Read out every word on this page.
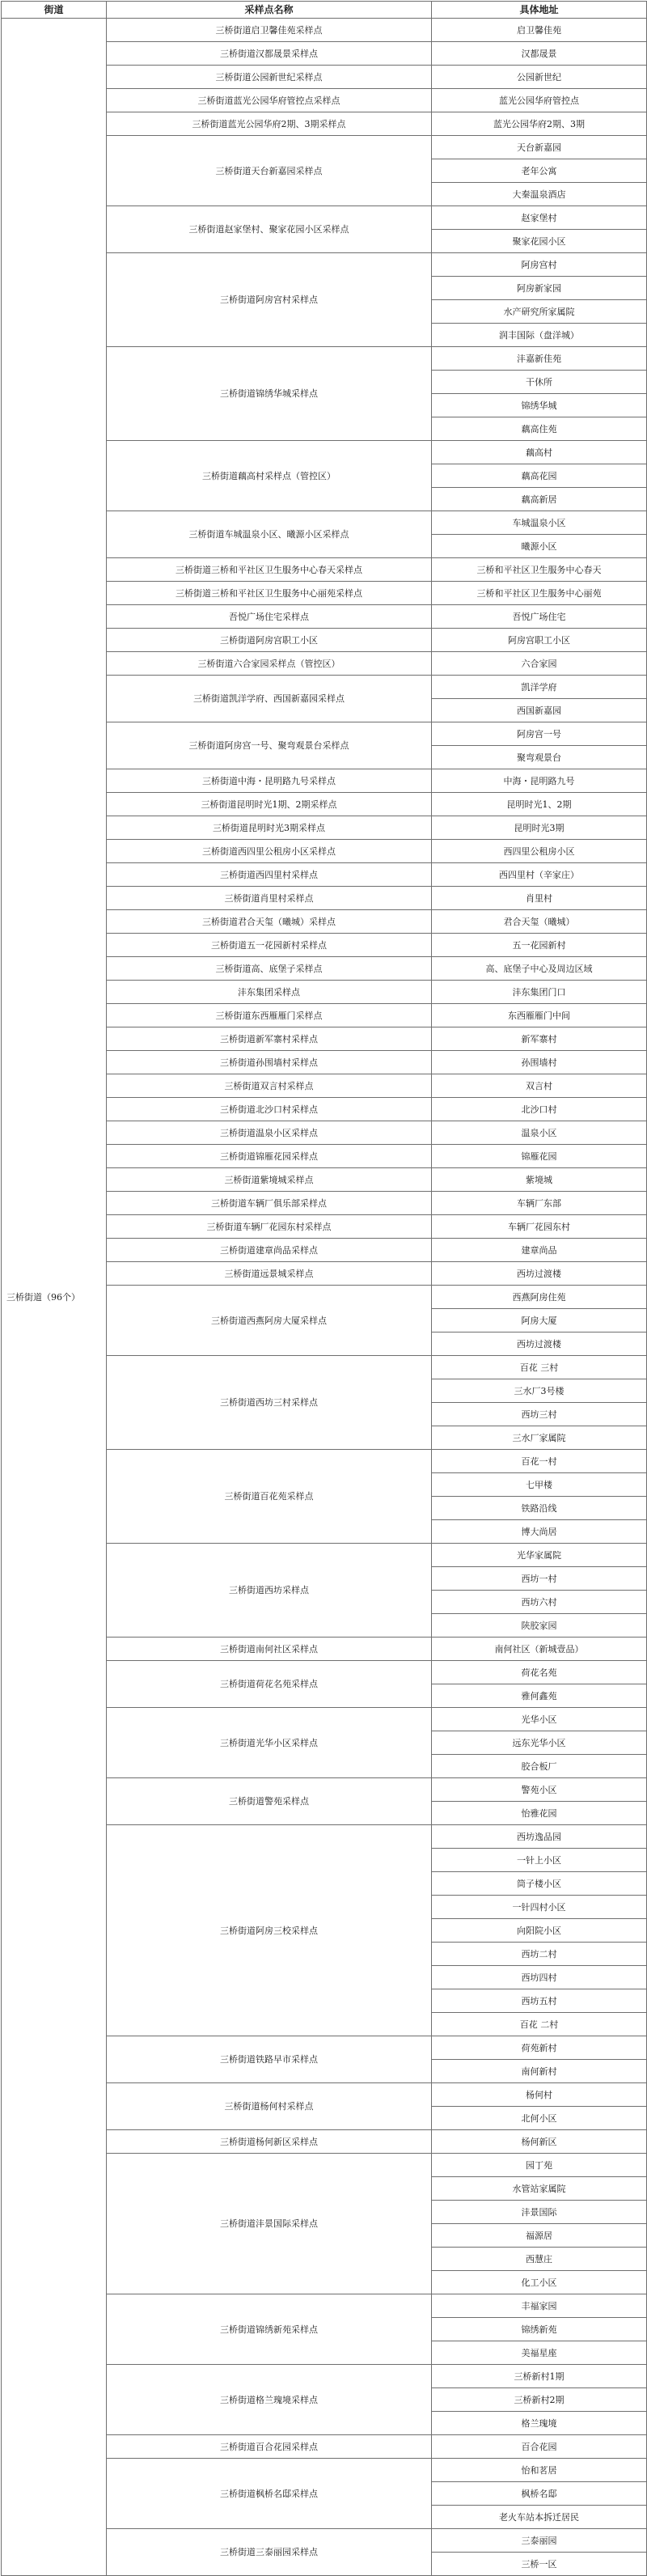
街道	采样点名称	具体地址
三桥街道（96个）	三桥街道启卫馨佳苑采样点	启卫馨佳苑
	三桥街道汉都晟景采样点	汉都晟景
	三桥街道公园新世纪采样点	公园新世纪
	三桥街道蓝光公园华府管控点采样点	蓝光公园华府管控点
	三桥街道蓝光公园华府2期、3期采样点	蓝光公园华府2期、3期
	三桥街道天台新嘉园采样点	天台新嘉园
		老年公寓
		大秦温泉酒店
	三桥街道赵家堡村、聚家花园小区采样点	赵家堡村
		聚家花园小区
	三桥街道阿房宫村采样点	阿房宫村
		阿房新家园
		水产研究所家属院
		润丰国际（盘洋城）
	三桥街道锦绣华城采样点	沣嘉新佳苑
		干休所
		锦绣华城
		藕高住苑
	三桥街道藕高村采样点（管控区）	藕高村
		藕高花园
		藕高新居
	三桥街道车城温泉小区、曦源小区采样点	车城温泉小区
		曦源小区
	三桥街道三桥和平社区卫生服务中心春天采样点	三桥和平社区卫生服务中心春天
	三桥街道三桥和平社区卫生服务中心丽苑采样点	三桥和平社区卫生服务中心丽苑
	吾悦广场住宅采样点	吾悦广场住宅
	三桥街道阿房宫职工小区	阿房宫职工小区
	三桥街道六合家园采样点（管控区）	六合家园
	三桥街道凯洋学府、西国新嘉园采样点	凯洋学府
		西国新嘉园
	三桥街道阿房宫一号、聚弯观景台采样点	阿房宫一号
		聚弯观景台
	三桥街道中海・昆明路九号采样点	中海・昆明路九号
	三桥街道昆明时光1期、2期采样点	昆明时光1、2期
	三桥街道昆明时光3期采样点	昆明时光3期
	三桥街道西四里公租房小区采样点	西四里公租房小区
	三桥街道西四里村采样点	西四里村（辛家庄）
	三桥街道肖里村采样点	肖里村
	三桥街道君合天玺（曦城）采样点	君合天玺（曦城）
	三桥街道五一花园新村采样点	五一花园新村
	三桥街道高、底堡子采样点	高、底堡子中心及周边区域
	沣东集团采样点	沣东集团门口
	三桥街道东西雁雁门采样点	东西雁雁门中间
	三桥街道新军寨村采样点	新军寨村
	三桥街道孙围墙村采样点	孙围墙村
	三桥街道双言村采样点	双言村
	三桥街道北沙口村采样点	北沙口村
	三桥街道温泉小区采样点	温泉小区
	三桥街道锦雁花园采样点	锦雁花园
	三桥街道紫境城采样点	紫境城
	三桥街道车辆厂俱乐部采样点	车辆厂东部
	三桥街道车辆厂花园东村采样点	车辆厂花园东村
	三桥街道建章尚品采样点	建章尚品
	三桥街道远景城采样点	西坊过渡楼
	三桥街道西燕阿房大厦采样点	西燕阿房住苑
		阿房大厦
		西坊过渡楼
	三桥街道西坊三村采样点	百花 三村
		三水厂3号楼
		西坊三村
		三水厂家属院
	三桥街道百花苑采样点	百花一村
		七甲楼
		铁路沿线
		博大尚居
	三桥街道西坊采样点	光华家属院
		西坊一村
		西坊六村
		陕胶家园
	三桥街道南何社区采样点	南何社区（新城壹品）
	三桥街道荷花名苑采样点	荷花名苑
		雅何鑫苑
	三桥街道光华小区采样点	光华小区
		远东光华小区
		胶合板厂
	三桥街道警苑采样点	警苑小区
		怡雅花园
	三桥街道阿房三校采样点	西坊逸品园
		一针上小区
		筒子楼小区
		一针四村小区
		向阳院小区
		西坊二村
		西坊四村
		西坊五村
		百花 二村
	三桥街道铁路早市采样点	荷苑新村
		南何新村
	三桥街道杨何村采样点	杨何村
		北何小区
	三桥街道杨何新区采样点	杨何新区
	三桥街道沣景国际采样点	园丁苑
		水管站家属院
		沣景国际
		福源居
		西慧庄
		化工小区
	三桥街道锦绣新苑采样点	丰福家园
		锦绣新苑
		美福星座
	三桥街道格兰瑰境采样点	三桥新村1期
		三桥新村2期
		格兰瑰境
	三桥街道百合花园采样点	百合花园
	三桥街道枫桥名邸采样点	怡和茗居
		枫桥名邸
		老火车站本拆迁居民
	三桥街道三泰丽园采样点	三泰丽园
		三桥一区
